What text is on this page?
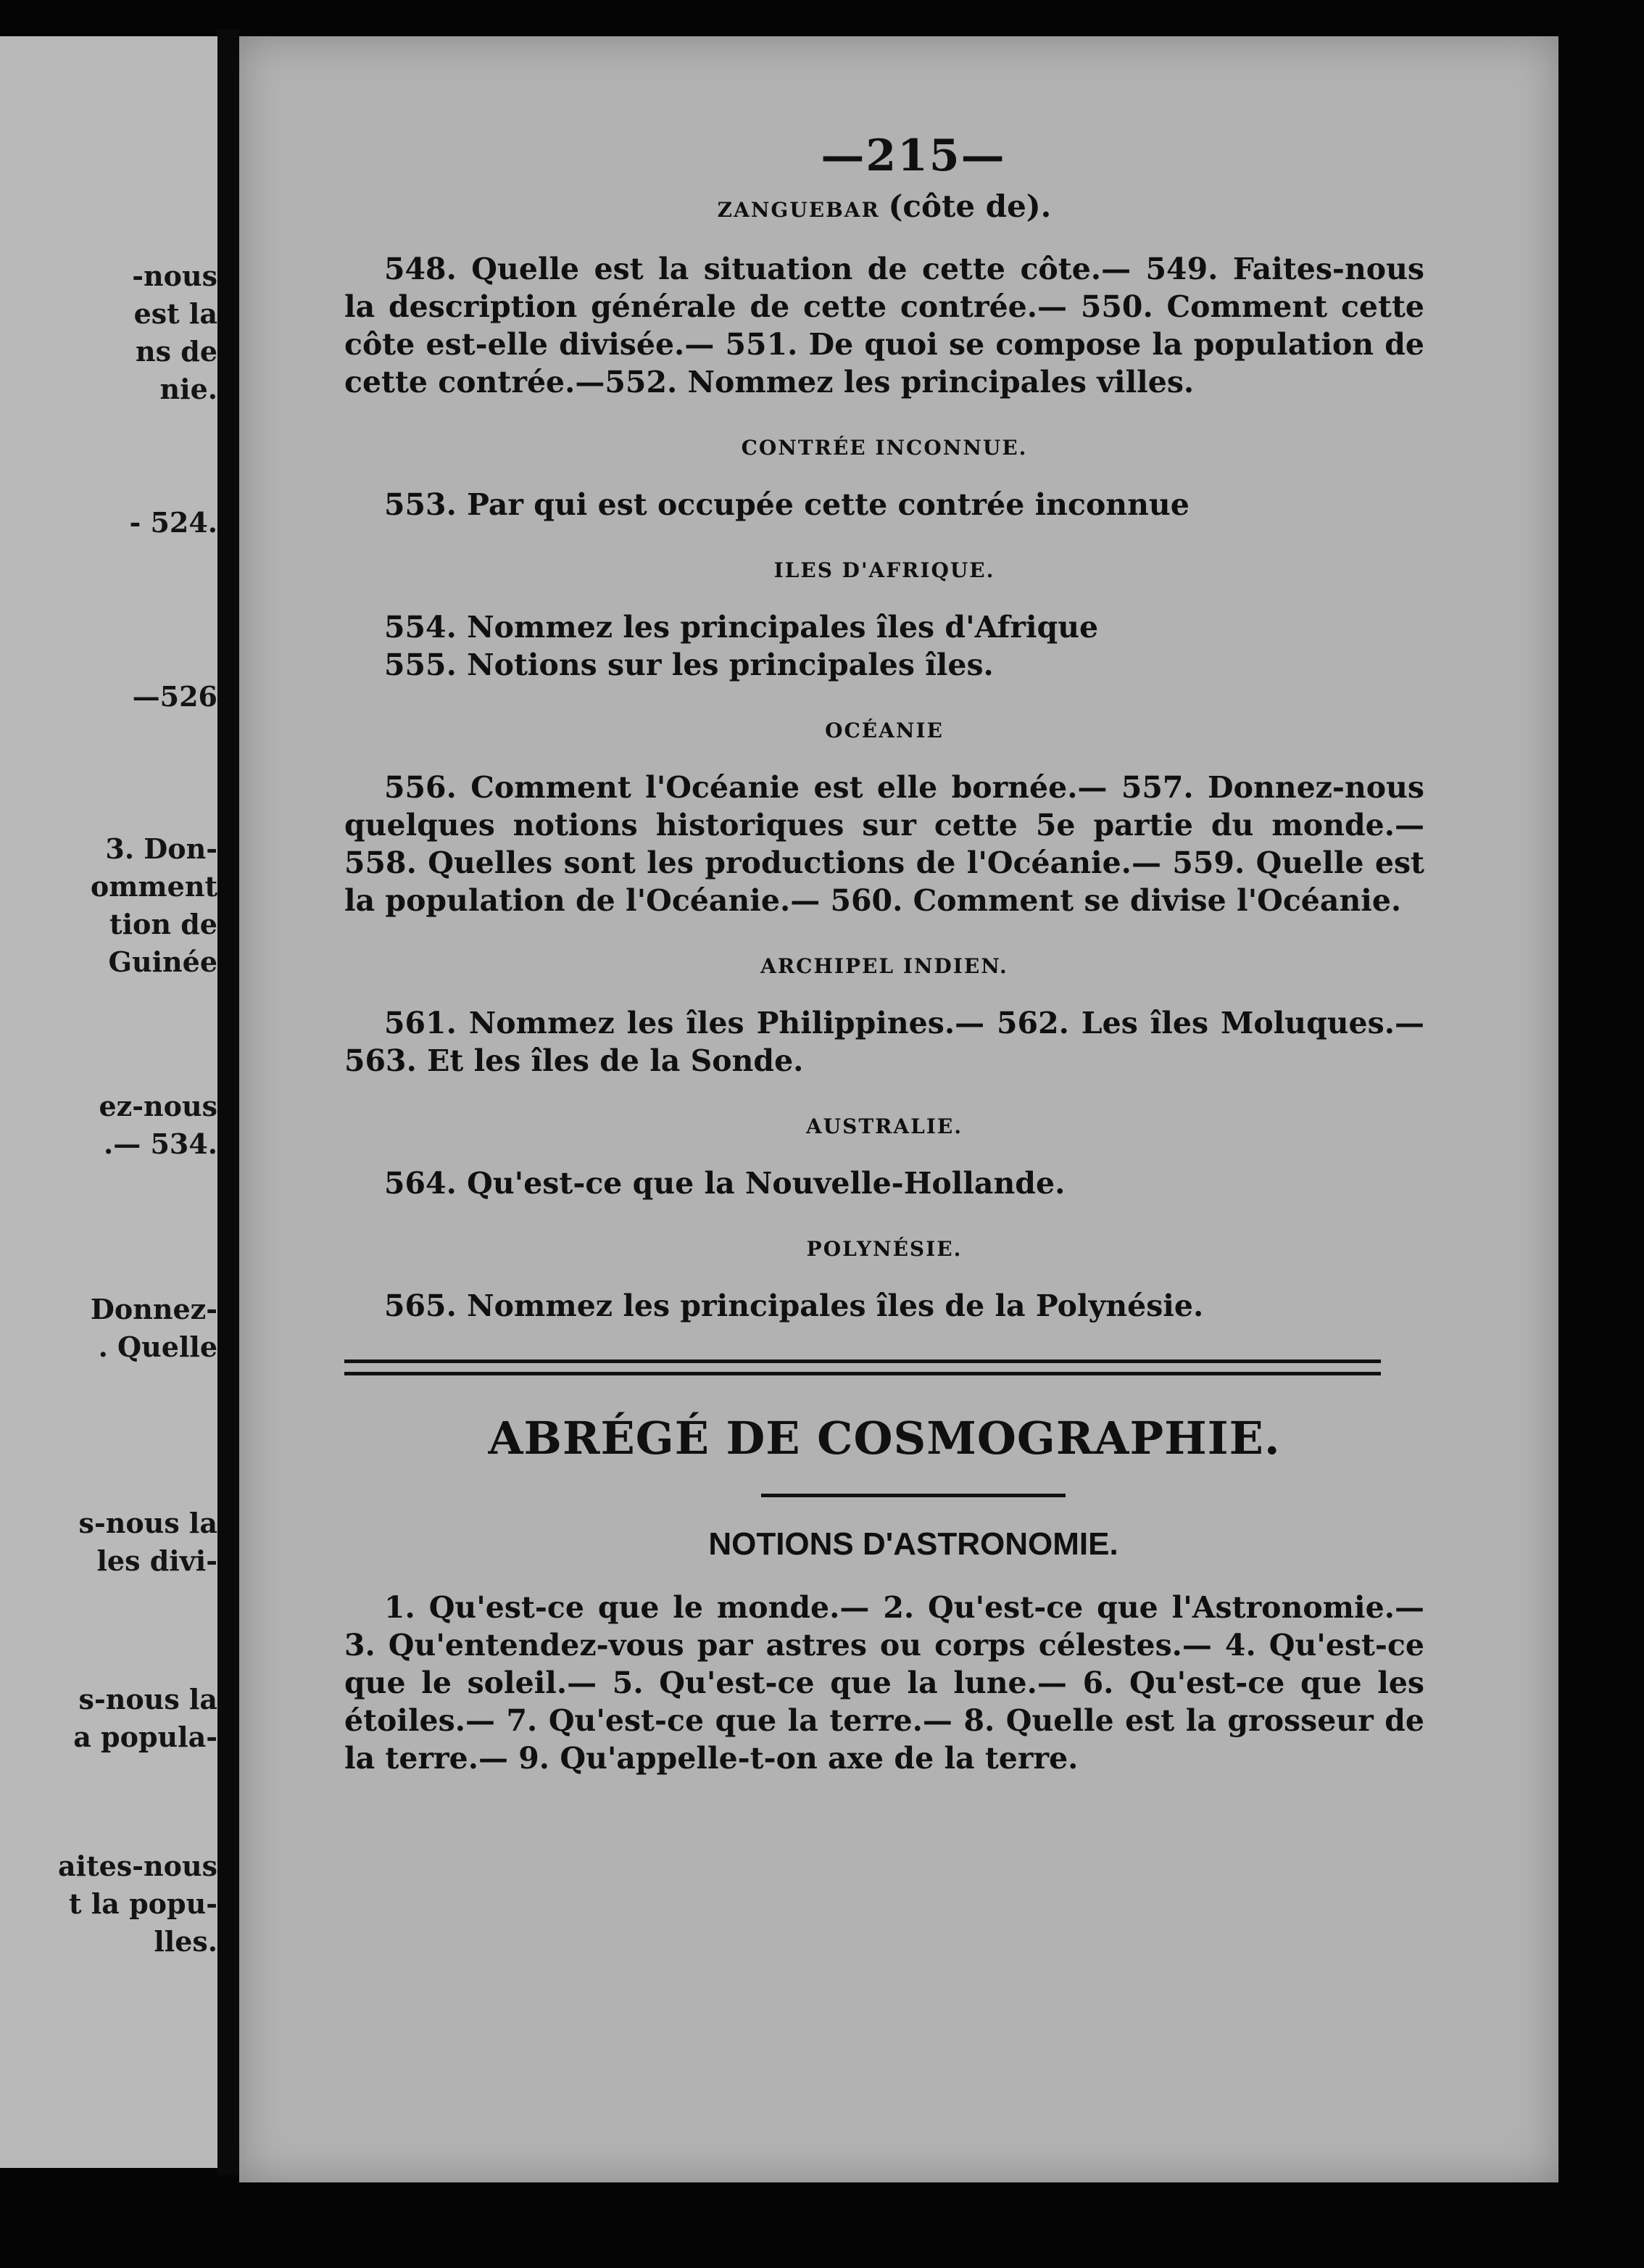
-nous
est la
ns de
nie.
- 524.
—526
3. Don-
omment
tion de
Guinée
ez-nous
.— 534.
Donnez-
. Quelle
s-nous la
les divi-
s-nous la
a popula-
aites-nous
t la popu-
lles.
—215—

ZANGUEBAR (côte de).

548. Quelle est la situation de cette côte.— 549. Faites-nous la description générale de cette contrée.— 550. Comment cette côte est-elle divisée.— 551. De quoi se compose la population de cette contrée.—552. Nommez les principales villes.

CONTRÉE INCONNUE.

553. Par qui est occupée cette contrée inconnue

ILES D'AFRIQUE.

554. Nommez les principales îles d'Afrique

555. Notions sur les principales îles.

OCÉANIE

556. Comment l'Océanie est elle bornée.— 557. Donnez-nous quelques notions historiques sur cette 5e partie du monde.— 558. Quelles sont les productions de l'Océanie.— 559. Quelle est la population de l'Océanie.— 560. Comment se divise l'Océanie.

ARCHIPEL INDIEN.

561. Nommez les îles Philippines.— 562. Les îles Moluques.— 563. Et les îles de la Sonde.

AUSTRALIE.

564. Qu'est-ce que la Nouvelle-Hollande.

POLYNÉSIE.

565. Nommez les principales îles de la Polynésie.

ABRÉGÉ DE COSMOGRAPHIE.

NOTIONS D'ASTRONOMIE.

1. Qu'est-ce que le monde.— 2. Qu'est-ce que l'Astronomie.— 3. Qu'entendez-vous par astres ou corps célestes.— 4. Qu'est-ce que le soleil.— 5. Qu'est-ce que la lune.— 6. Qu'est-ce que les étoiles.— 7. Qu'est-ce que la terre.— 8. Quelle est la grosseur de la terre.— 9. Qu'appelle-t-on axe de la terre.
